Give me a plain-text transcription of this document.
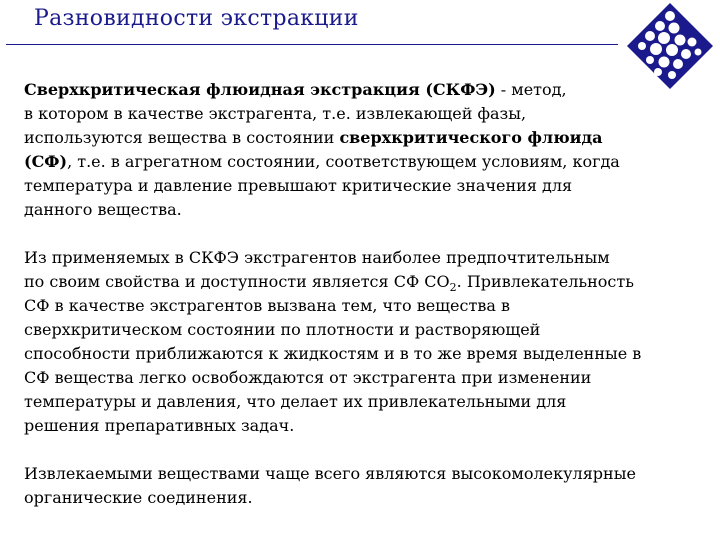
Разновидности экстракции
Сверхкритическая флюидная экстракция (СКФЭ) - метод,
в котором в качестве экстрагента, т.е. извлекающей фазы,
используются вещества в состоянии сверхкритического флюида
(СФ), т.е. в агрегатном состоянии, соответствующем условиям, когда
температура и давление превышают критические значения для
данного вещества.
Из применяемых в СКФЭ экстрагентов наиболее предпочтительным
по своим свойства и доступности является СФ $СО_2$. Привлекательность
СФ в качестве экстрагентов вызвана тем, что вещества в
сверхкритическом состоянии по плотности и растворяющей
способности приближаются к жидкостям и в то же время выделенные в
СФ вещества легко освобождаются от экстрагента при изменении
температуры и давления, что делает их привлекательными для
решения препаративных задач.
Извлекаемыми веществами чаще всего являются высокомолекулярные
органические соединения.
